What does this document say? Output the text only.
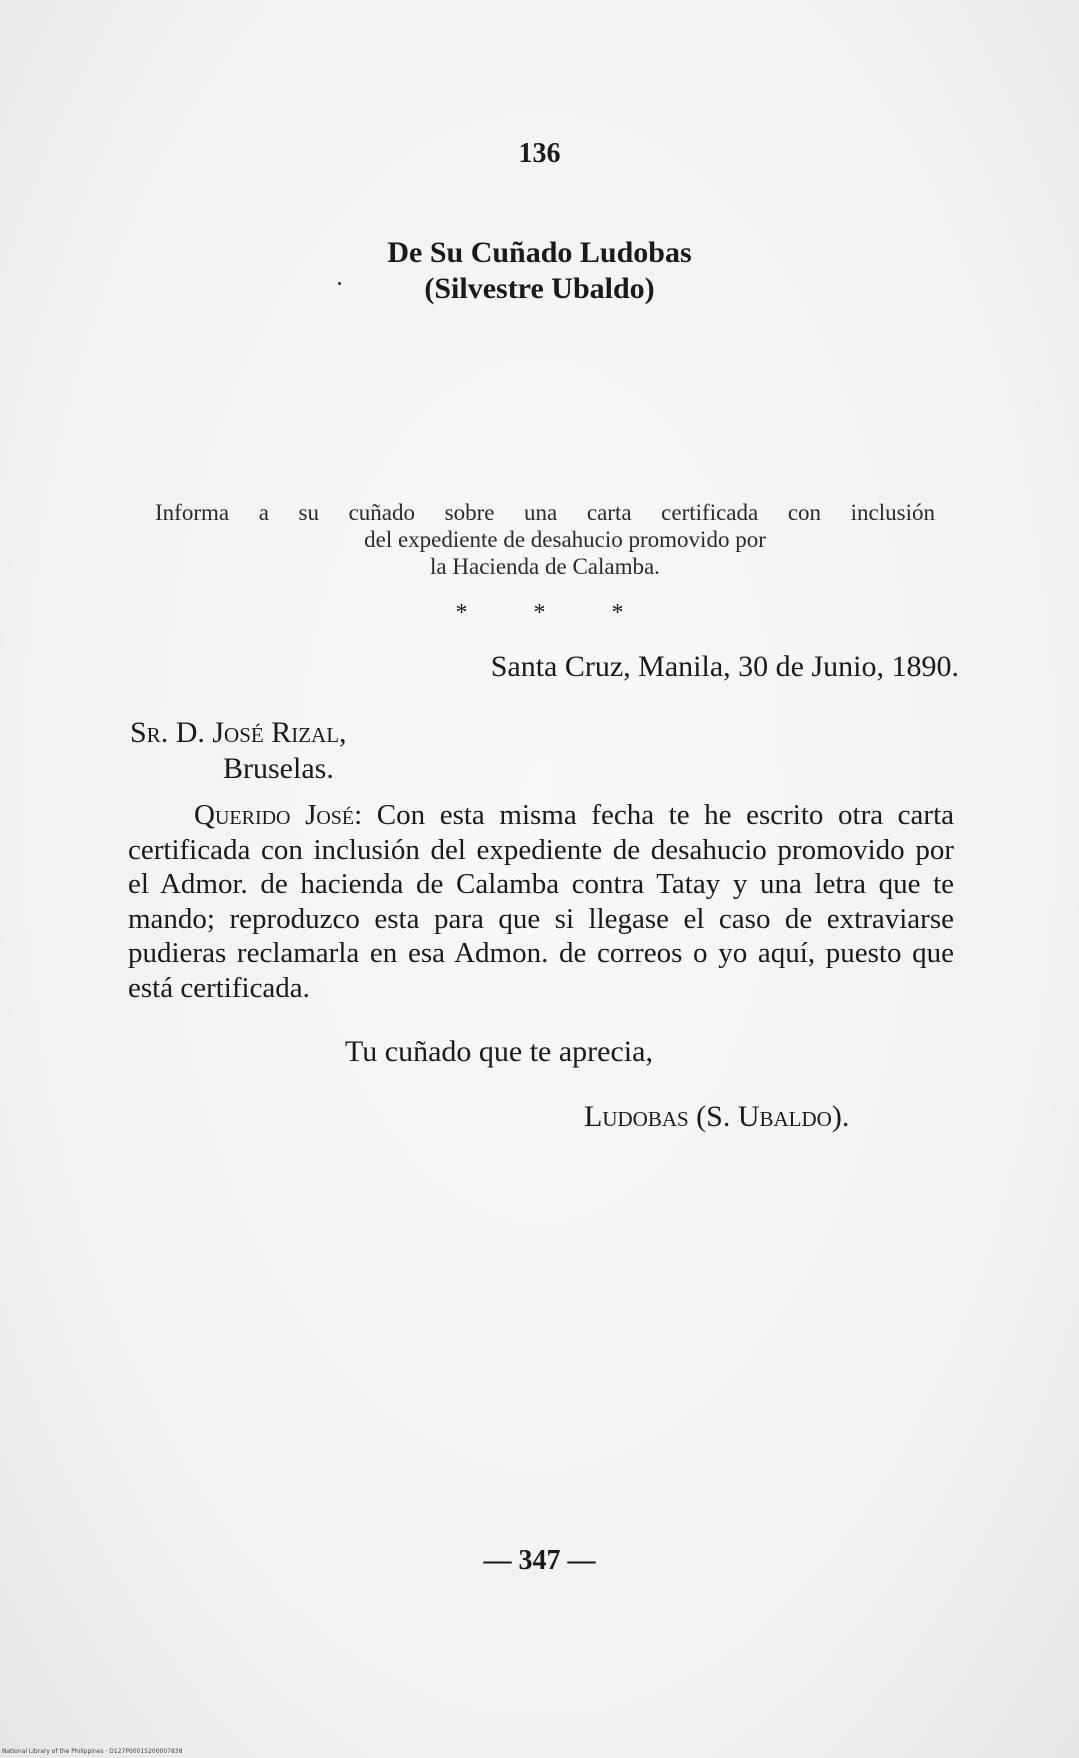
136
De Su Cuñado Ludobas
(Silvestre Ubaldo)
Informa a su cuñado sobre una carta certificada con inclusión
del expediente de desahucio promovido por
la Hacienda de Calamba.
* * *
Santa Cruz, Manila, 30 de Junio, 1890.
Sr. D. José Rizal,
Bruselas.

Querido José: Con esta misma fecha te he escrito otra carta certificada con inclusión del expediente de desahucio promovido por el Admor. de hacienda de Calamba contra Tatay y una letra que te mando; reproduzco esta para que si llegase el caso de extraviarse pudieras reclamarla en esa Admon. de correos o yo aquí, puesto que está certificada.

Tu cuñado que te aprecia,
Ludobas (S. Ubaldo).
— 347 —
National Library of the Philippines · D127P00015200007838
